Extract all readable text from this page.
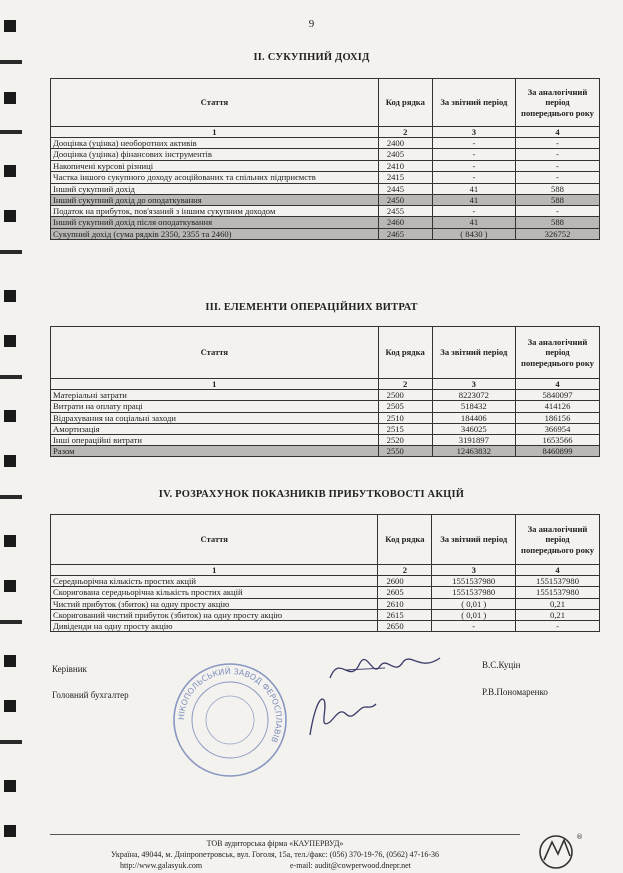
9
ІІ. СУКУПНИЙ ДОХІД
Стаття	Код рядка	За звітний період	За аналогічний період попереднього року
1	2	3	4
Дооцінка (уцінка) необоротних активів	2400	-	-
Дооцінка (уцінка) фінансових інструментів	2405	-	-
Накопичені курсові різниці	2410	-	-
Частка іншого сукупного доходу асоційованих та спільних підприємств	2415	-	-
Інший сукупний дохід	2445	41	588
Інший сукупний дохід до оподаткування	2450	41	588
Податок на прибуток, пов'язаний з іншим сукупним доходом	2455	-	-
Інший сукупний дохід після оподаткування	2460	41	588
Сукупний дохід (сума рядків 2350, 2355 та 2460)	2465	( 8430 )	326752
ІІІ. ЕЛЕМЕНТИ ОПЕРАЦІЙНИХ ВИТРАТ
Стаття	Код рядка	За звітний період	За аналогічний період попереднього року
1	2	3	4
Матеріальні затрати	2500	8223072	5840097
Витрати на оплату праці	2505	518432	414126
Відрахування на соціальні заходи	2510	184406	186156
Амортизація	2515	346025	366954
Інші операційні витрати	2520	3191897	1653566
Разом	2550	12463832	8460899
IV. РОЗРАХУНОК ПОКАЗНИКІВ ПРИБУТКОВОСТІ АКЦІЙ
Стаття	Код рядка	За звітний період	За аналогічний період попереднього року
1	2	3	4
Середньорічна кількість простих акцій	2600	1551537980	1551537980
Скоригована середньорічна кількість простих акцій	2605	1551537980	1551537980
Чистий прибуток (збиток) на одну просту акцію	2610	( 0,01 )	0,21
Скоригований чистий прибуток (збиток) на одну просту акцію	2615	( 0,01 )	0,21
Дивіденди на одну просту акцію	2650	-	-
Керівник	В.С.Куцін
Головний бухгалтер	Р.В.Пономаренко
НІКОПОЛЬСЬКИЙ ЗАВОД ФЕРОСПЛАВІВ
ТОВ аудиторська фірма «КАУПЕРВУД»
Україна, 49044, м. Дніпропетровськ, вул. Гоголя, 15а, тел./факс: (056) 370-19-76, (0562) 47-16-36
http://www.galasyuk.com	e-mail: audit@cowperwood.dnepr.net
®
